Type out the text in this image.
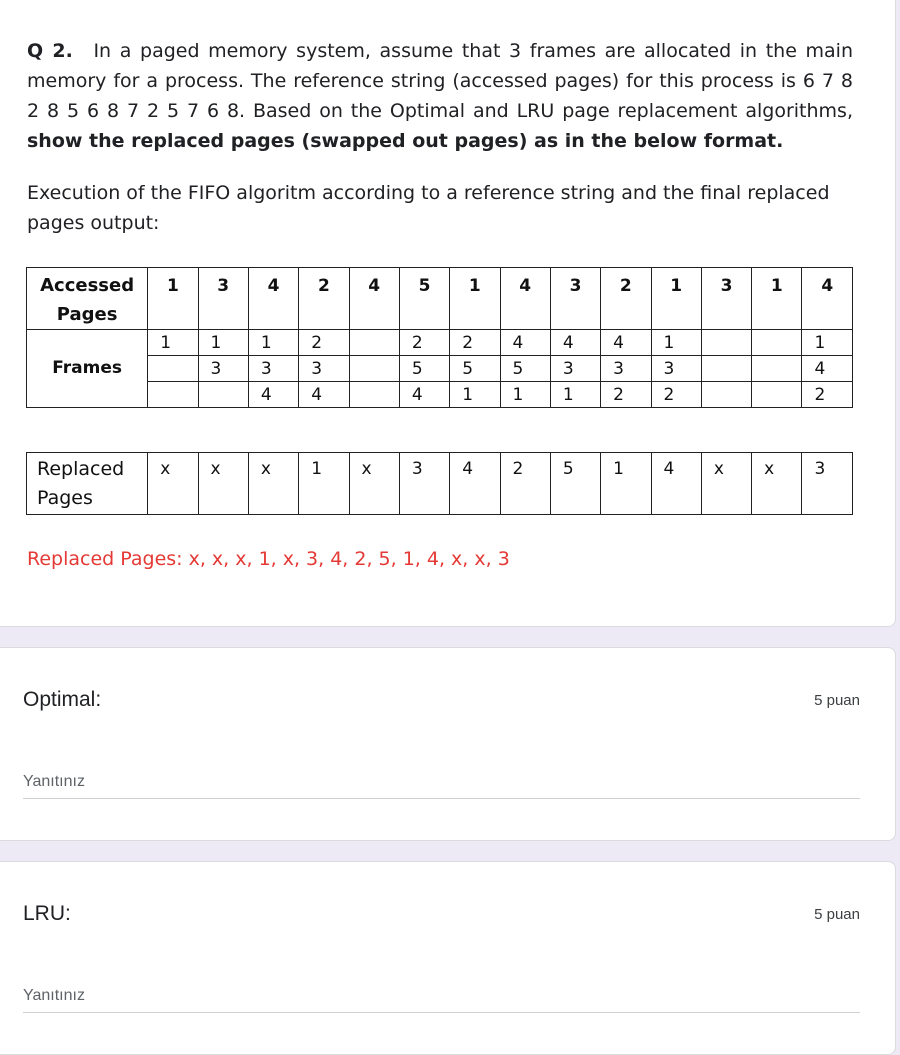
Q 2. In a paged memory system, assume that 3 frames are allocated in the main memory for a process. The reference string (accessed pages) for this process is 6 7 8 2 8 5 6 8 7 2 5 7 6 8. Based on the Optimal and LRU page replacement algorithms, show the replaced pages (swapped out pages) as in the below format.
Execution of the FIFO algoritm according to a reference string and the final replaced pages output:
Accessed Pages	1	3	4	2	4	5	1	4	3	2	1	3	1	4
Frames	1	1	1	2		2	2	4	4	4	1			1
		3	3	3		5	5	5	3	3	3			4
			4	4		4	1	1	1	2	2			2
Replaced Pages	x	x	x	1	x	3	4	2	5	1	4	x	x	3
Replaced Pages: x, x, x, 1, x, 3, 4, 2, 5, 1, 4, x, x, 3
Optimal:	5 puan
Yanıtınız
LRU:	5 puan
Yanıtınız
